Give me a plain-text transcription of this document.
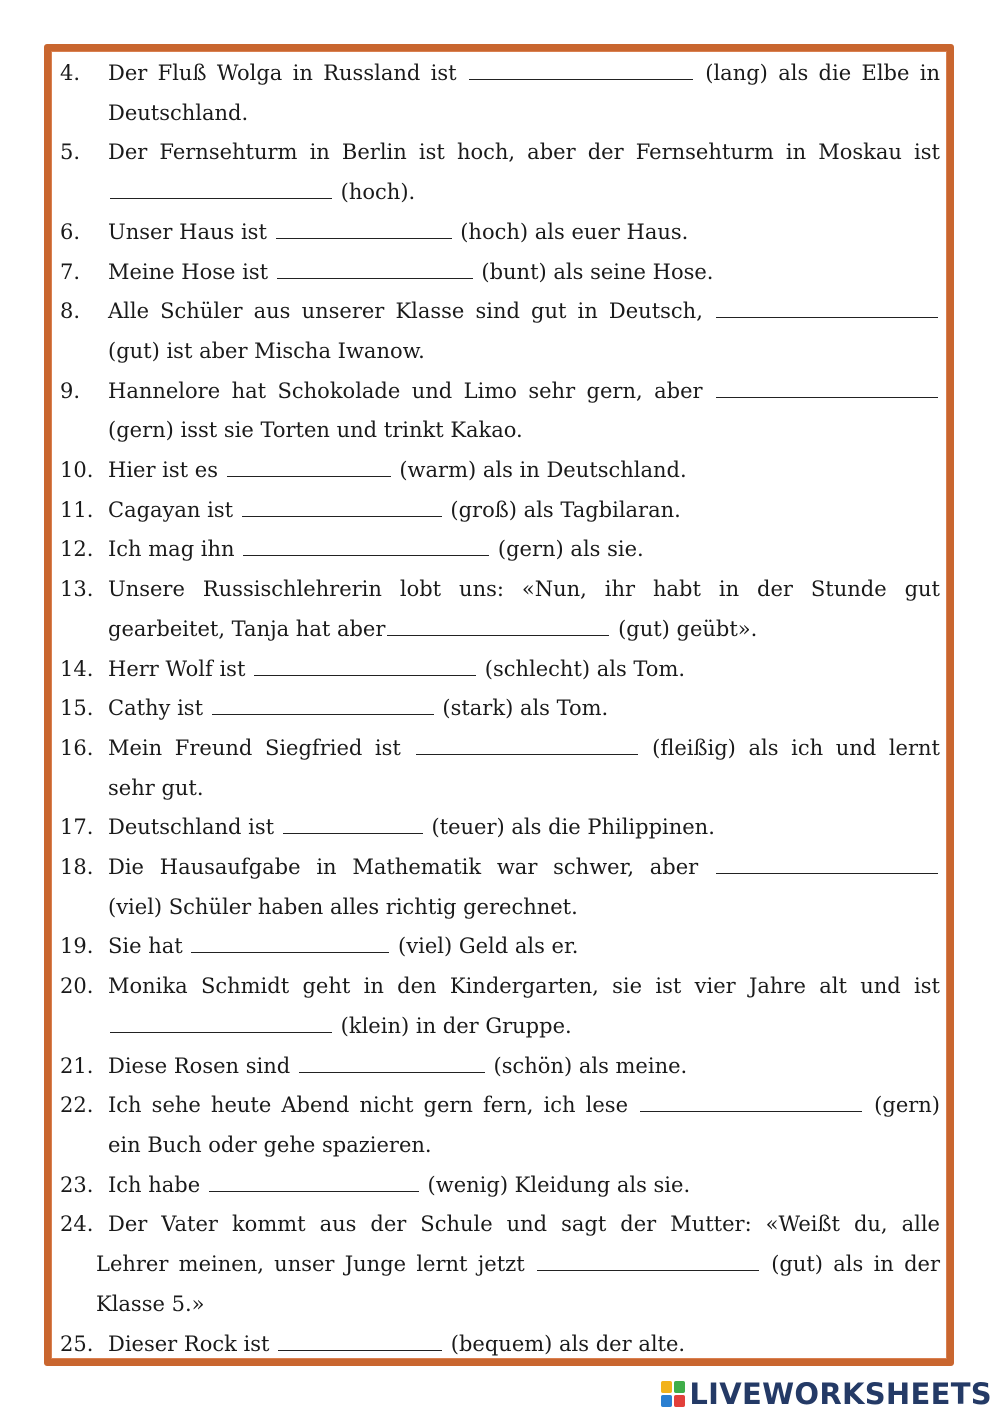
4.	Der Fluß Wolga in Russland ist	(lang) als die Elbe in
Deutschland.
5.	Der Fernsehturm in Berlin ist hoch, aber der Fernsehturm in Moskau ist
(hoch).
6.	Unser Haus ist	(hoch) als euer Haus.
7.	Meine Hose ist	(bunt) als seine Hose.
8.	Alle Schüler aus unserer Klasse sind gut in Deutsch,
(gut) ist aber Mischa Iwanow.
9.	Hannelore hat Schokolade und Limo sehr gern, aber
(gern) isst sie Torten und trinkt Kakao.
10. Hier ist es	(warm) als in Deutschland.
11. Cagayan ist	(groß) als Tagbilaran.
12. Ich mag ihn	(gern) als sie.
13. Unsere Russischlehrerin lobt uns: «Nun, ihr habt in der Stunde gut
gearbeitet, Tanja hat aber	(gut) geübt».
14. Herr Wolf ist	(schlecht) als Tom.
15. Cathy ist	(stark) als Tom.
16. Mein Freund Siegfried ist	(fleißig) als ich und lernt
sehr gut.
17. Deutschland ist	(teuer) als die Philippinen.
18. Die Hausaufgabe in Mathematik war schwer, aber
(viel) Schüler haben alles richtig gerechnet.
19. Sie hat	(viel) Geld als er.
20. Monika Schmidt geht in den Kindergarten, sie ist vier Jahre alt und ist
(klein) in der Gruppe.
21. Diese Rosen sind	(schön) als meine.
22. Ich sehe heute Abend nicht gern fern, ich lese	(gern)
ein Buch oder gehe spazieren.
23. Ich habe	(wenig) Kleidung als sie.
24. Der Vater kommt aus der Schule und sagt der Mutter: «Weißt du, alle
Lehrer meinen, unser Junge lernt jetzt	(gut) als in der
Klasse 5.»
25. Dieser Rock ist	(bequem) als der alte.
LIVEWORKSHEETS
